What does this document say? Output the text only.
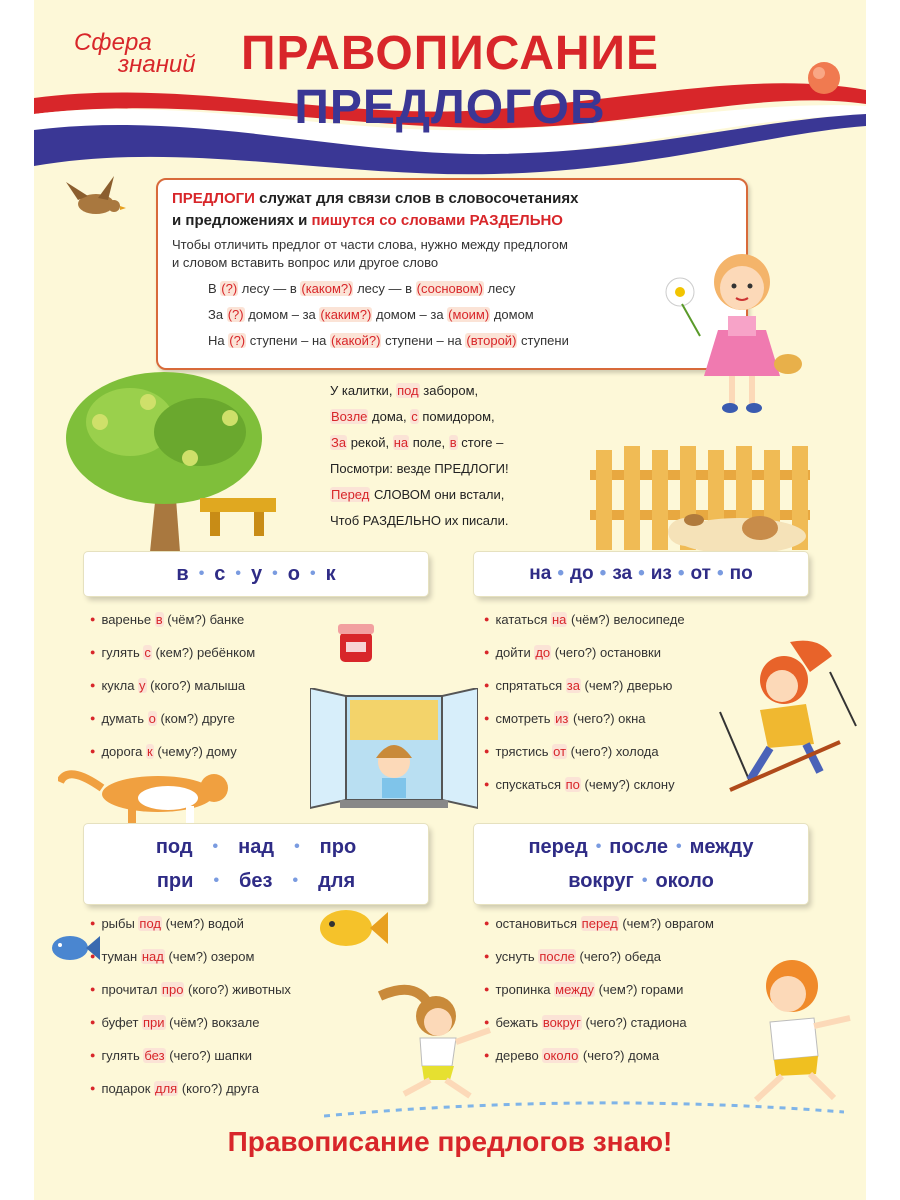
Сфера
знаний ПРАВОПИСАНИЕ
ПРЕДЛОГОВ
ПРЕДЛОГИ служат для связи слов в словосочетаниях
и предложениях и пишутся со словами РАЗДЕЛЬНО
Чтобы отличить предлог от части слова, нужно между предлогом
и словом вставить вопрос или другое слово
В (?) лесу — в (каком?) лесу — в (сосновом) лесу
За (?) домом – за (каким?) домом – за (моим) домом
На (?) ступени – на (какой?) ступени – на (второй) ступени
У калитки, под забором,
Возле дома, с помидором,
За рекой, на поле, в стоге –
Посмотри: везде ПРЕДЛОГИ!
Перед СЛОВОМ они встали,
Чтоб РАЗДЕЛЬНО их писали.
в • с • у • о • к	на • до • за • из • от • по
● варенье в (чём?) банке
● гулять с (кем?) ребёнком
● кукла у (кого?) малыша
● думать о (ком?) друге
● дорога к (чему?) дому
● кататься на (чём?) велосипеде
● дойти до (чего?) остановки
● спрятаться за (чем?) дверью
● смотреть из (чего?) окна
● трястись от (чего?) холода
● спускаться по (чему?) склону
под • над • про
при • без • для
перед • после • между
вокруг • около
● рыбы под (чем?) водой
● туман над (чем?) озером
● прочитал про (кого?) животных
● буфет при (чём?) вокзале
● гулять без (чего?) шапки
● подарок для (кого?) друга
● остановиться перед (чем?) оврагом
● уснуть после (чего?) обеда
● тропинка между (чем?) горами
● бежать вокруг (чего?) стадиона
● дерево около (чего?) дома
Правописание предлогов знаю!
